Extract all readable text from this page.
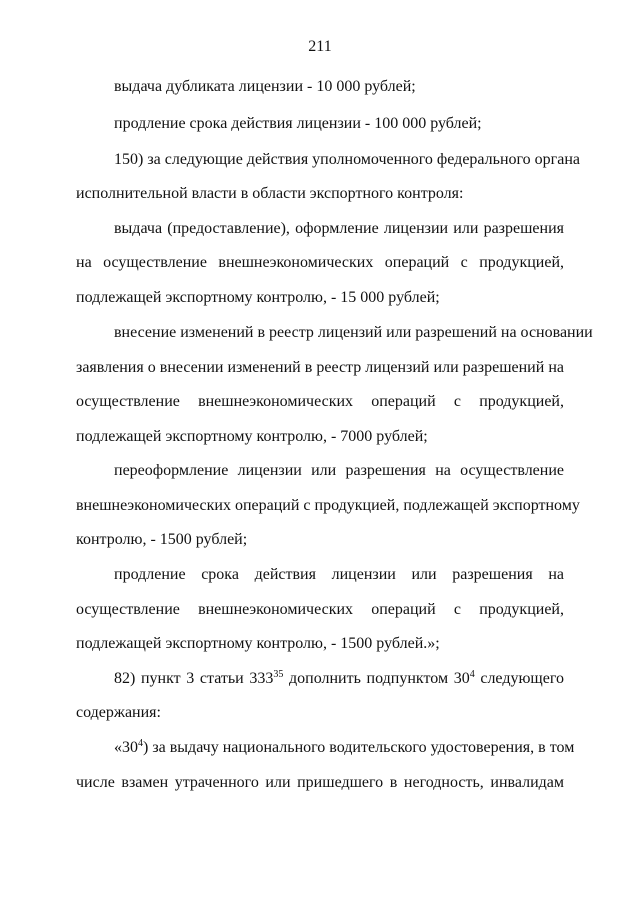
211
выдача дубликата лицензии - 10 000 рублей;
продление срока действия лицензии - 100 000 рублей;
150) за следующие действия уполномоченного федерального органа
исполнительной власти в области экспортного контроля:
выдача (предоставление), оформление лицензии или разрешения
на осуществление внешнеэкономических операций с продукцией,
подлежащей экспортному контролю, - 15 000 рублей;
внесение изменений в реестр лицензий или разрешений на основании
заявления о внесении изменений в реестр лицензий или разрешений на
осуществление внешнеэкономических операций с продукцией,
подлежащей экспортному контролю, - 7000 рублей;
переоформление лицензии или разрешения на осуществление
внешнеэкономических операций с продукцией, подлежащей экспортному
контролю, - 1500 рублей;
продление срока действия лицензии или разрешения на
осуществление внешнеэкономических операций с продукцией,
подлежащей экспортному контролю, - 1500 рублей.»;
82) пункт 3 статьи $333^{35}$ дополнить подпунктом $30^4$ следующего
содержания:
«$30^4$) за выдачу национального водительского удостоверения, в том
числе взамен утраченного или пришедшего в негодность, инвалидам
